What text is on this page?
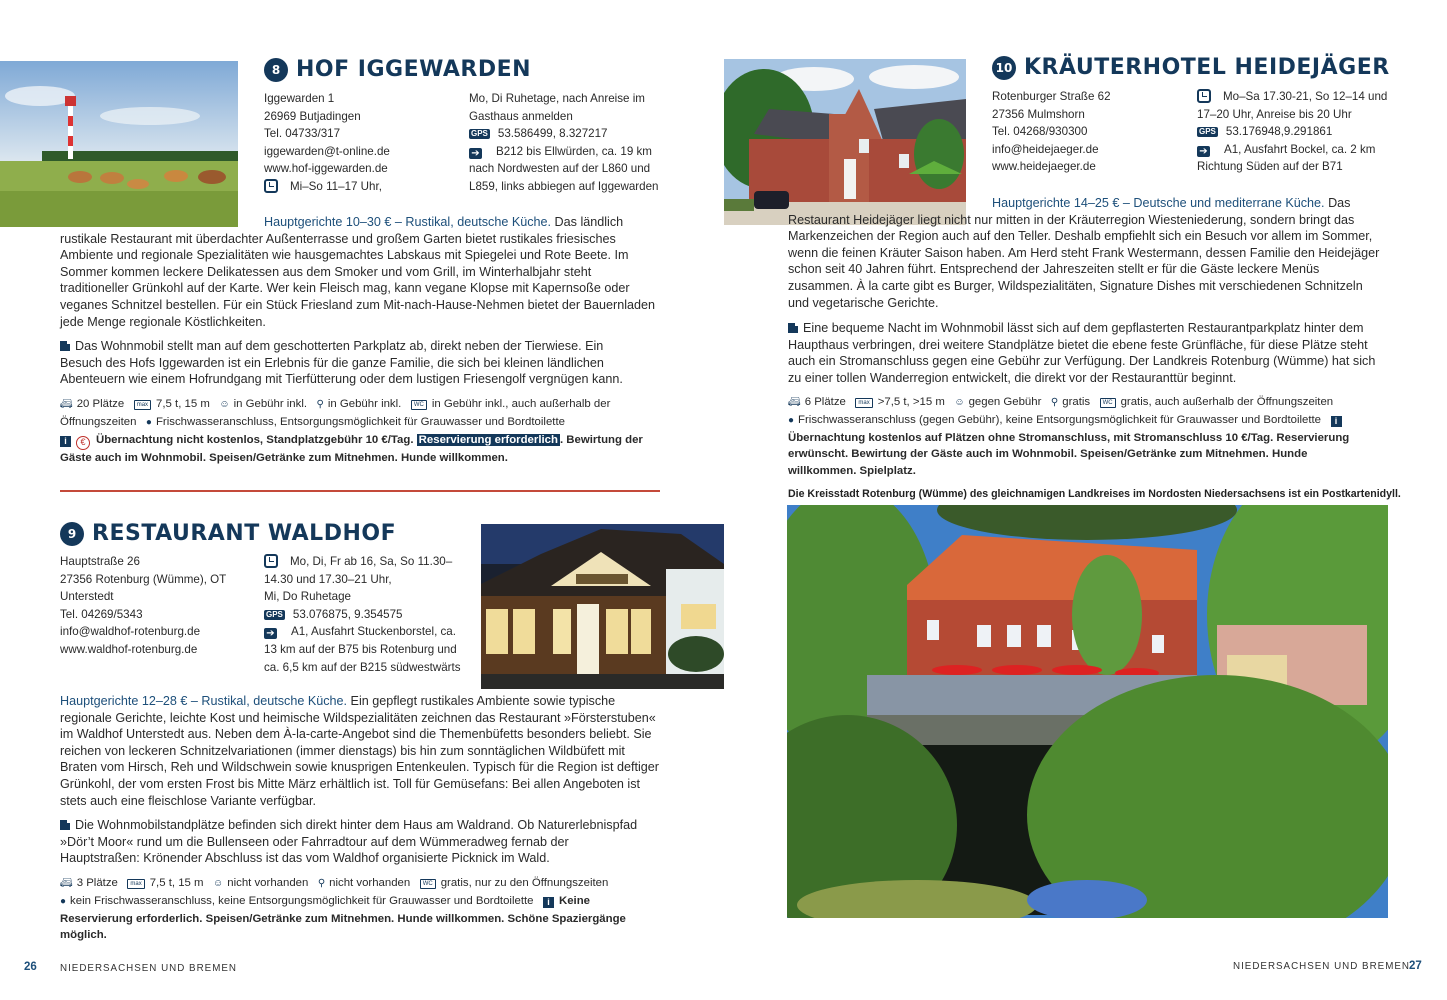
8 HOF IGGEWARDEN
Iggewarden 1
26969 Butjadingen
Tel. 04733/317
iggewarden@t-online.de
www.hof-iggewarden.de
Mi–So 11–17 Uhr,
Mo, Di Ruhetage, nach Anreise im
Gasthaus anmelden
GPS 53.586499, 8.327217
➔ B212 bis Ellwürden, ca. 19 km
nach Nordwesten auf der L860 und
L859, links abbiegen auf Iggewarden
Hauptgerichte 10–30 € – Rustikal, deutsche Küche. Das ländlich rustikale Restaurant mit überdachter Außenterrasse und großem Garten bietet rustikales friesisches Ambiente und regionale Spezialitäten wie hausgemachtes Labskaus mit Spiegelei und Rote Beete. Im Sommer kommen leckere Delikatessen aus dem Smoker und vom Grill, im Winterhalbjahr steht traditioneller Grünkohl auf der Karte. Wer kein Fleisch mag, kann vegane Klopse mit Kapernsoße oder veganes Schnitzel bestellen. Für ein Stück Friesland zum Mit-nach-Hause-Nehmen bietet der Bauernladen jede Menge regionale Köstlichkeiten.
Das Wohnmobil stellt man auf dem geschotterten Parkplatz ab, direkt neben der Tierwiese. Ein Besuch des Hofs Iggewarden ist ein Erlebnis für die ganze Familie, die sich bei kleinen ländlichen Abenteuern wie einem Hofrundgang mit Tierfütterung oder dem lustigen Friesengolf vergnügen kann.
🚐︎ 20 Plätze max 7,5 t, 15 m ☺ in Gebühr inkl. ⚲ in Gebühr inkl. WC in Gebühr inkl., auch außerhalb der Öffnungszeiten ● Frischwasseranschluss, Entsorgungsmöglichkeit für Grauwasser und Bordtoilette
i € Übernachtung nicht kostenlos, Standplatzgebühr 10 €/Tag. Reservierung erforderlich . Bewirtung der Gäste auch im Wohnmobil. Speisen/Getränke zum Mitnehmen. Hunde willkommen.
9 RESTAURANT WALDHOF
Hauptstraße 26
27356 Rotenburg (Wümme), OT
Unterstedt
Tel. 04269/5343
info@waldhof-rotenburg.de
www.waldhof-rotenburg.de
Mo, Di, Fr ab 16, Sa, So 11.30–
14.30 und 17.30–21 Uhr,
Mi, Do Ruhetage
GPS 53.076875, 9.354575
➔ A1, Ausfahrt Stuckenborstel, ca.
13 km auf der B75 bis Rotenburg und
ca. 6,5 km auf der B215 südwestwärts
Hauptgerichte 12–28 € – Rustikal, deutsche Küche. Ein gepflegt rustikales Ambiente sowie typische regionale Gerichte, leichte Kost und heimische Wildspezialitäten zeichnen das Restaurant »Försterstuben« im Waldhof Unterstedt aus. Neben dem À-la-carte-Angebot sind die Themenbüfetts besonders beliebt. Sie reichen von leckeren Schnitzelvariationen (immer dienstags) bis hin zum sonntäglichen Wildbüfett mit Braten vom Hirsch, Reh und Wildschwein sowie knusprigen Entenkeulen. Typisch für die Region ist deftiger Grünkohl, der vom ersten Frost bis Mitte März erhältlich ist. Toll für Gemüsefans: Bei allen Angeboten ist stets auch eine fleischlose Variante verfügbar.
Die Wohnmobilstandplätze befinden sich direkt hinter dem Haus am Waldrand. Ob Naturerlebnispfad »Dör’t Moor« rund um die Bullenseen oder Fahrradtour auf dem Wümmeradweg fernab der Hauptstraßen: Krönender Abschluss ist das vom Waldhof organisierte Picknick im Wald.
🚐︎ 3 Plätze max 7,5 t, 15 m ☺ nicht vorhanden ⚲ nicht vorhanden WC gratis, nur zu den Öffnungszeiten
● kein Frischwasseranschluss, keine Entsorgungsmöglichkeit für Grauwasser und Bordtoilette i Keine Reservierung erforderlich. Speisen/Getränke zum Mitnehmen. Hunde willkommen. Schöne Spaziergänge möglich.
10 KRÄUTERHOTEL HEIDEJÄGER
Rotenburger Straße 62
27356 Mulmshorn
Tel. 04268/930300
info@heidejaeger.de
www.heidejaeger.de
Mo–Sa 17.30-21, So 12–14 und
17–20 Uhr, Anreise bis 20 Uhr
GPS 53.176948,9.291861
➔ A1, Ausfahrt Bockel, ca. 2 km
Richtung Süden auf der B71
Hauptgerichte 14–25 € – Deutsche und mediterrane Küche. Das Restaurant Heidejäger liegt nicht nur mitten in der Kräuterregion Wiesteniederung, sondern bringt das Markenzeichen der Region auch auf den Teller. Deshalb empfiehlt sich ein Besuch vor allem im Sommer, wenn die feinen Kräuter Saison haben. Am Herd steht Frank Westermann, dessen Familie den Heidejäger schon seit 40 Jahren führt. Entsprechend der Jahreszeiten stellt er für die Gäste leckere Menüs zusammen. À la carte gibt es Burger, Wildspezialitäten, Signature Dishes mit verschiedenen Schnitzeln und vegetarische Gerichte.
Eine bequeme Nacht im Wohnmobil lässt sich auf dem gepflasterten Restaurantparkplatz hinter dem Haupthaus verbringen, drei weitere Standplätze bietet die ebene feste Grünfläche, für diese Plätze steht auch ein Stromanschluss gegen eine Gebühr zur Verfügung. Der Landkreis Rotenburg (Wümme) hat sich zu einer tollen Wanderregion entwickelt, die direkt vor der Restauranttür beginnt.
🚐︎ 6 Plätze max >7,5 t, >15 m ☺ gegen Gebühr ⚲ gratis WC gratis, auch außerhalb der Öffnungszeiten
● Frischwasseranschluss (gegen Gebühr), keine Entsorgungsmöglichkeit für Grauwasser und Bordtoilette iÜbernachtung kostenlos auf Plätzen ohne Stromanschluss, mit Stromanschluss 10 €/Tag. Reservierung erwünscht. Bewirtung der Gäste auch im Wohnmobil. Speisen/Getränke zum Mitnehmen. Hunde willkommen. Spielplatz.
Die Kreisstadt Rotenburg (Wümme) des gleichnamigen Landkreises im Nordosten Niedersachsens ist ein Postkartenidyll.
26 NIEDERSACHSEN UND BREMEN	NIEDERSACHSEN UND BREMEN 27
